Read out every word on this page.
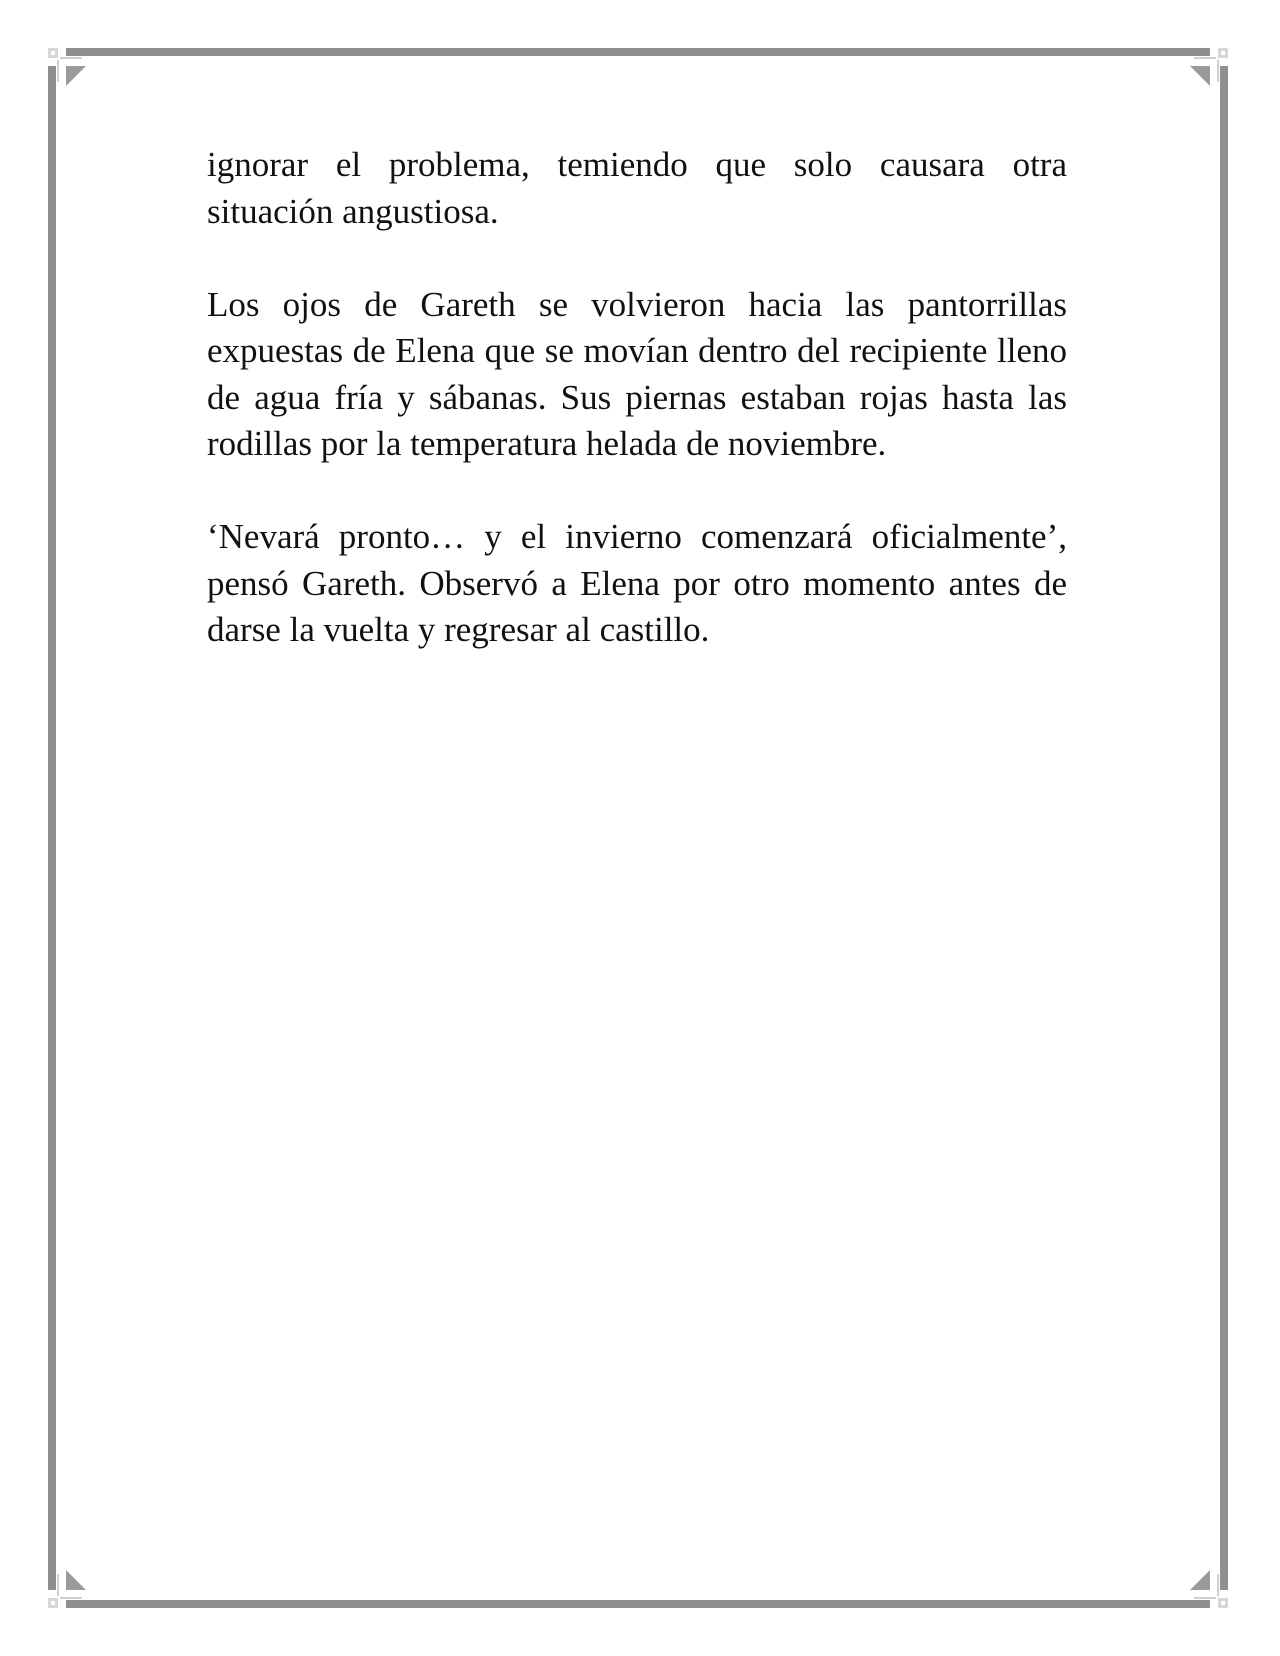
ignorar el problema, temiendo que solo causara otra situación angustiosa.

Los ojos de Gareth se volvieron hacia las pantorrillas expuestas de Elena que se movían dentro del recipiente lleno de agua fría y sábanas. Sus piernas estaban rojas hasta las rodillas por la temperatura helada de noviembre.

‘Nevará pronto… y el invierno comenzará oficialmente’, pensó Gareth. Observó a Elena por otro momento antes de darse la vuelta y regresar al castillo.
